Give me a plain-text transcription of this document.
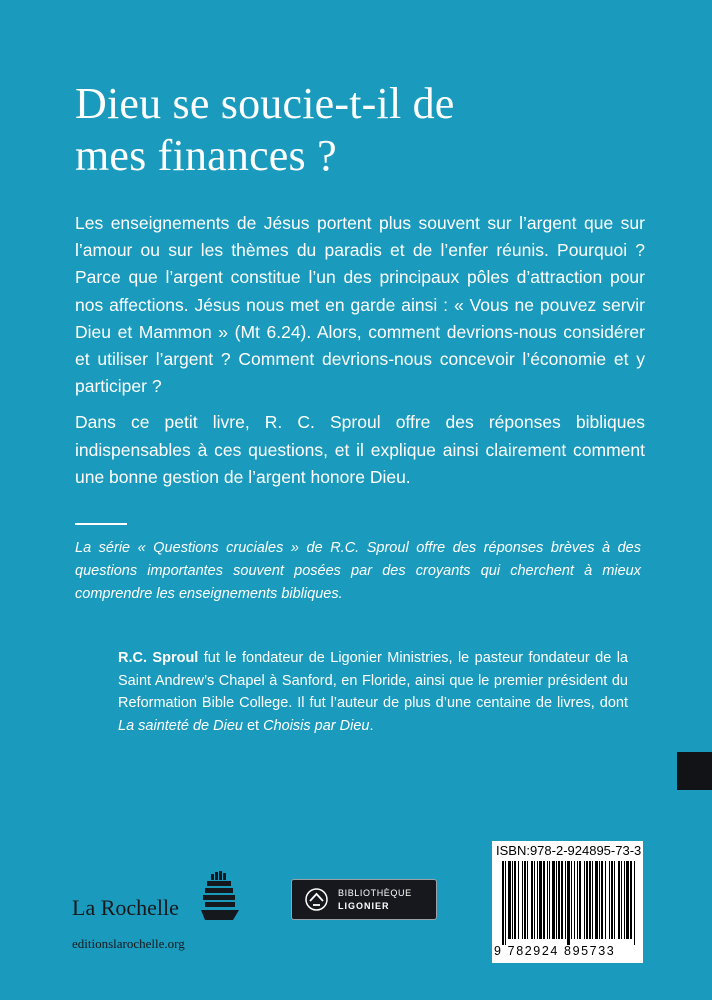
Dieu se soucie-t-il de
mes finances ?

Les enseignements de Jésus portent plus souvent sur l’argent que sur l’amour ou sur les thèmes du paradis et de l’enfer réunis. Pourquoi ? Parce que l’argent constitue l’un des principaux pôles d’attraction pour nos affections. Jésus nous met en garde ainsi : « Vous ne pouvez servir Dieu et Mammon » (Mt 6.24). Alors, comment devrions-nous considérer et utiliser l’argent ? Comment devrions-nous concevoir l’économie et y participer ?

Dans ce petit livre, R. C. Sproul offre des réponses bibliques indispensables à ces questions, et il explique ainsi clairement comment une bonne gestion de l’argent honore Dieu.

La série « Questions cruciales » de R.C. Sproul offre des réponses brèves à des questions importantes souvent posées par des croyants qui cherchent à mieux comprendre les enseignements bibliques.

R.C. Sproul fut le fondateur de Ligonier Ministries, le pasteur fondateur de la Saint Andrew’s Chapel à Sanford, en Floride, ainsi que le premier président du Reformation Bible College. Il fut l’auteur de plus d’une centaine de livres, dont La sainteté de Dieu et Choisis par Dieu.

La Rochelle
editionslarochelle.org
BIBLIOTHÈQUE
LIGONIER
ISBN:978-2-924895-73-3
9 782924 895733
